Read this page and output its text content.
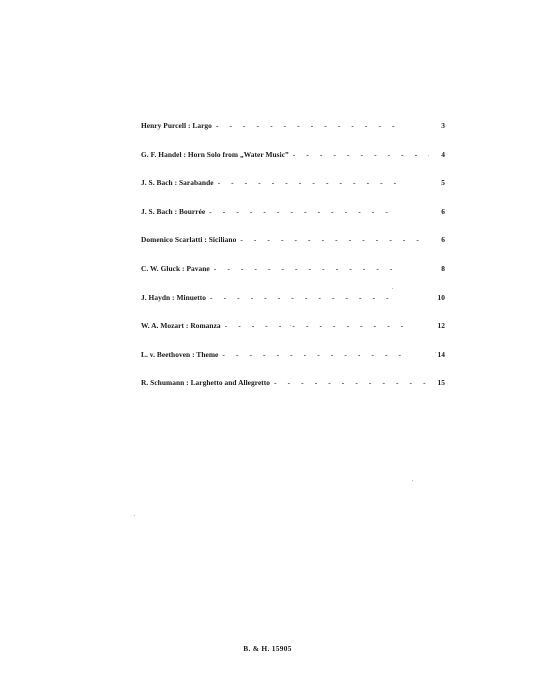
Henry Purcell : Largo -	3
G. F. Handel : Horn Solo from „Water Music” -	4
J. S. Bach : Sarabande -	5
J. S. Bach : Bourrée -	6
Domenico Scarlatti : Siciliano -	6
C. W. Gluck : Pavane -	8
J. Haydn : Minuetto -	10
W. A. Mozart : Romanza -	12
L. v. Beethoven : Theme -	14
R. Schumann : Larghetto and Allegretto -	15
B. & H. 15905
